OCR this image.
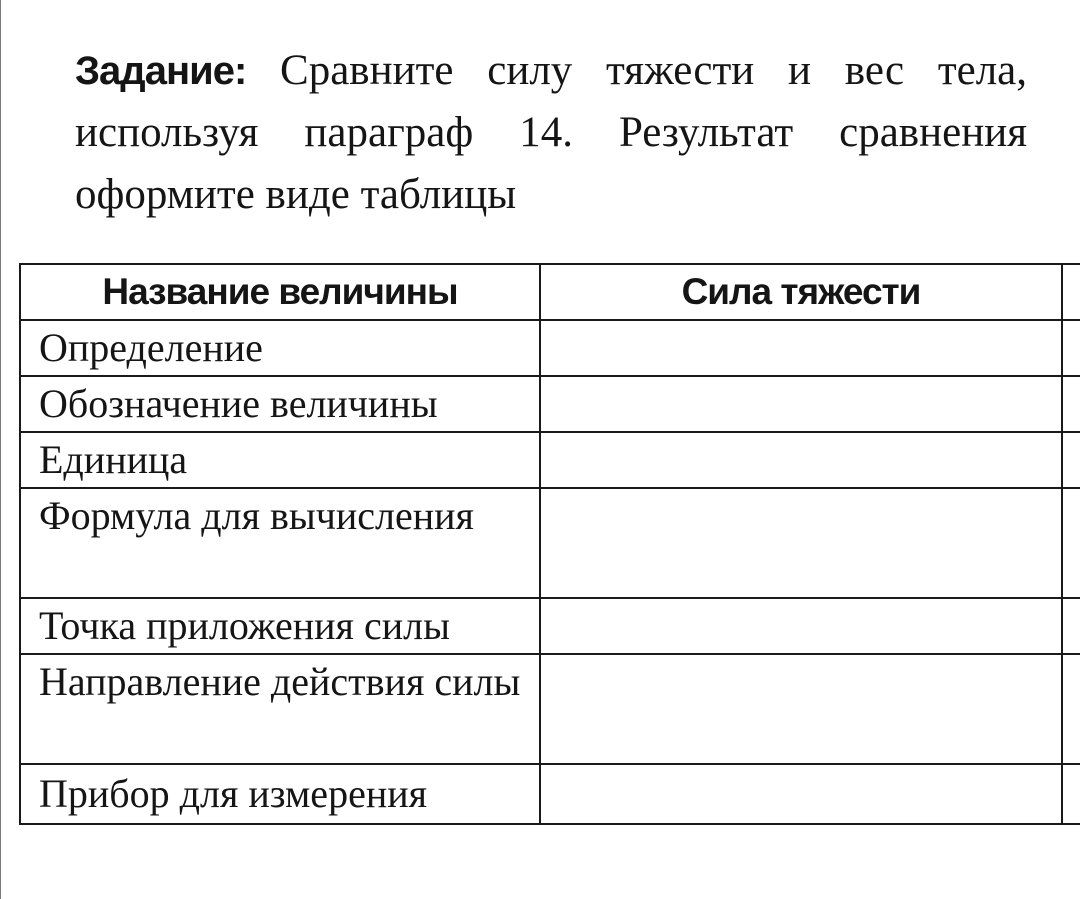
Задание: Сравните силу тяжести и вес тела, используя параграф 14. Результат сравнения оформите виде таблицы

Название величины	Сила тяжести	
Определение		
Обозначение величины		
Единица		
Формула для вычисления		
Точка приложения силы		
Направление действия силы		
Прибор для измерения		
